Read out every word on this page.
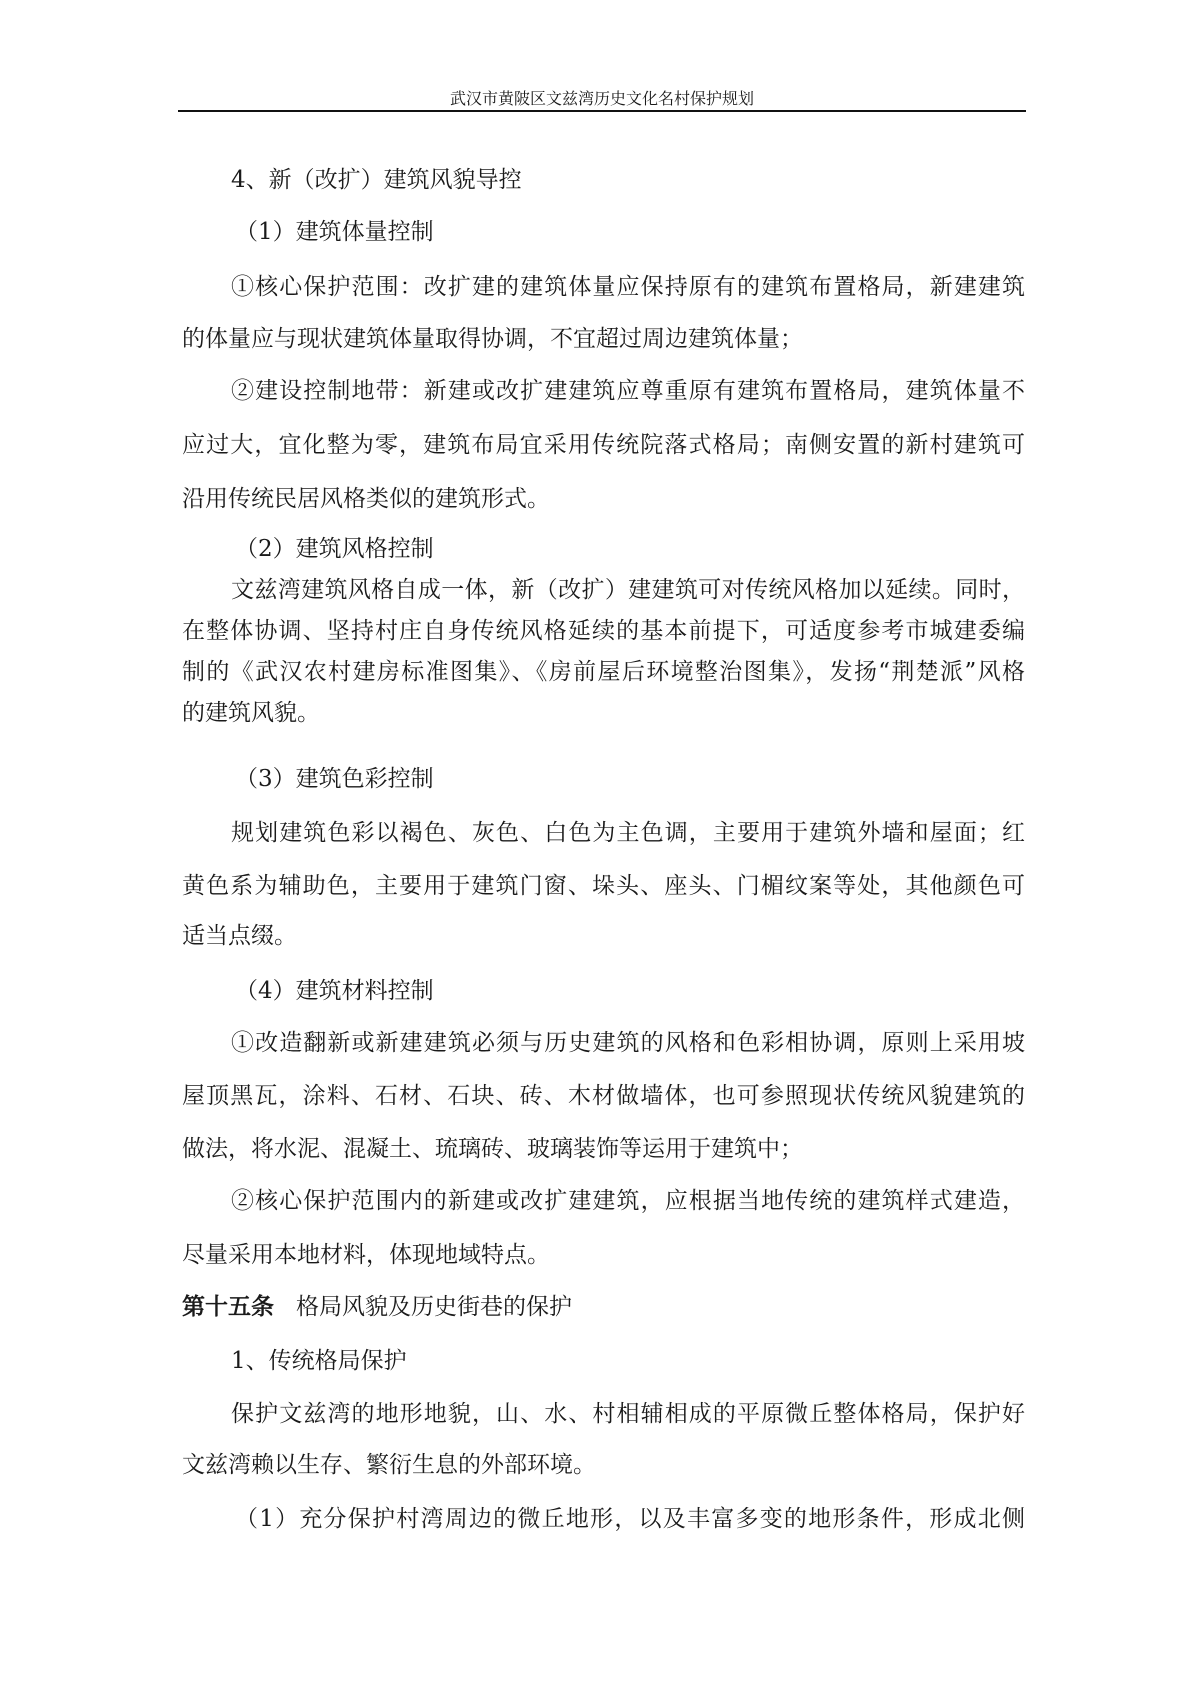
武汉市黄陂区文兹湾历史文化名村保护规划
4、新（改扩）建筑风貌导控
（1）建筑体量控制
①核心保护范围：改扩建的建筑体量应保持原有的建筑布置格局，新建建筑
的体量应与现状建筑体量取得协调，不宜超过周边建筑体量；
②建设控制地带：新建或改扩建建筑应尊重原有建筑布置格局，建筑体量不
应过大，宜化整为零，建筑布局宜采用传统院落式格局；南侧安置的新村建筑可
沿用传统民居风格类似的建筑形式。
（2）建筑风格控制
文兹湾建筑风格自成一体，新（改扩）建建筑可对传统风格加以延续。同时，
在整体协调、坚持村庄自身传统风格延续的基本前提下，可适度参考市城建委编
制的《武汉农村建房标准图集》、《房前屋后环境整治图集》，发扬“荆楚派”风格
的建筑风貌。
（3）建筑色彩控制
规划建筑色彩以褐色、灰色、白色为主色调，主要用于建筑外墙和屋面；红
黄色系为辅助色，主要用于建筑门窗、垛头、座头、门楣纹案等处，其他颜色可
适当点缀。
（4）建筑材料控制
①改造翻新或新建建筑必须与历史建筑的风格和色彩相协调，原则上采用坡
屋顶黑瓦，涂料、石材、石块、砖、木材做墙体，也可参照现状传统风貌建筑的
做法，将水泥、混凝土、琉璃砖、玻璃装饰等运用于建筑中；
②核心保护范围内的新建或改扩建建筑，应根据当地传统的建筑样式建造，
尽量采用本地材料，体现地域特点。
第十五条 格局风貌及历史街巷的保护
1、传统格局保护
保护文兹湾的地形地貌，山、水、村相辅相成的平原微丘整体格局，保护好
文兹湾赖以生存、繁衍生息的外部环境。
（1）充分保护村湾周边的微丘地形，以及丰富多变的地形条件，形成北侧
